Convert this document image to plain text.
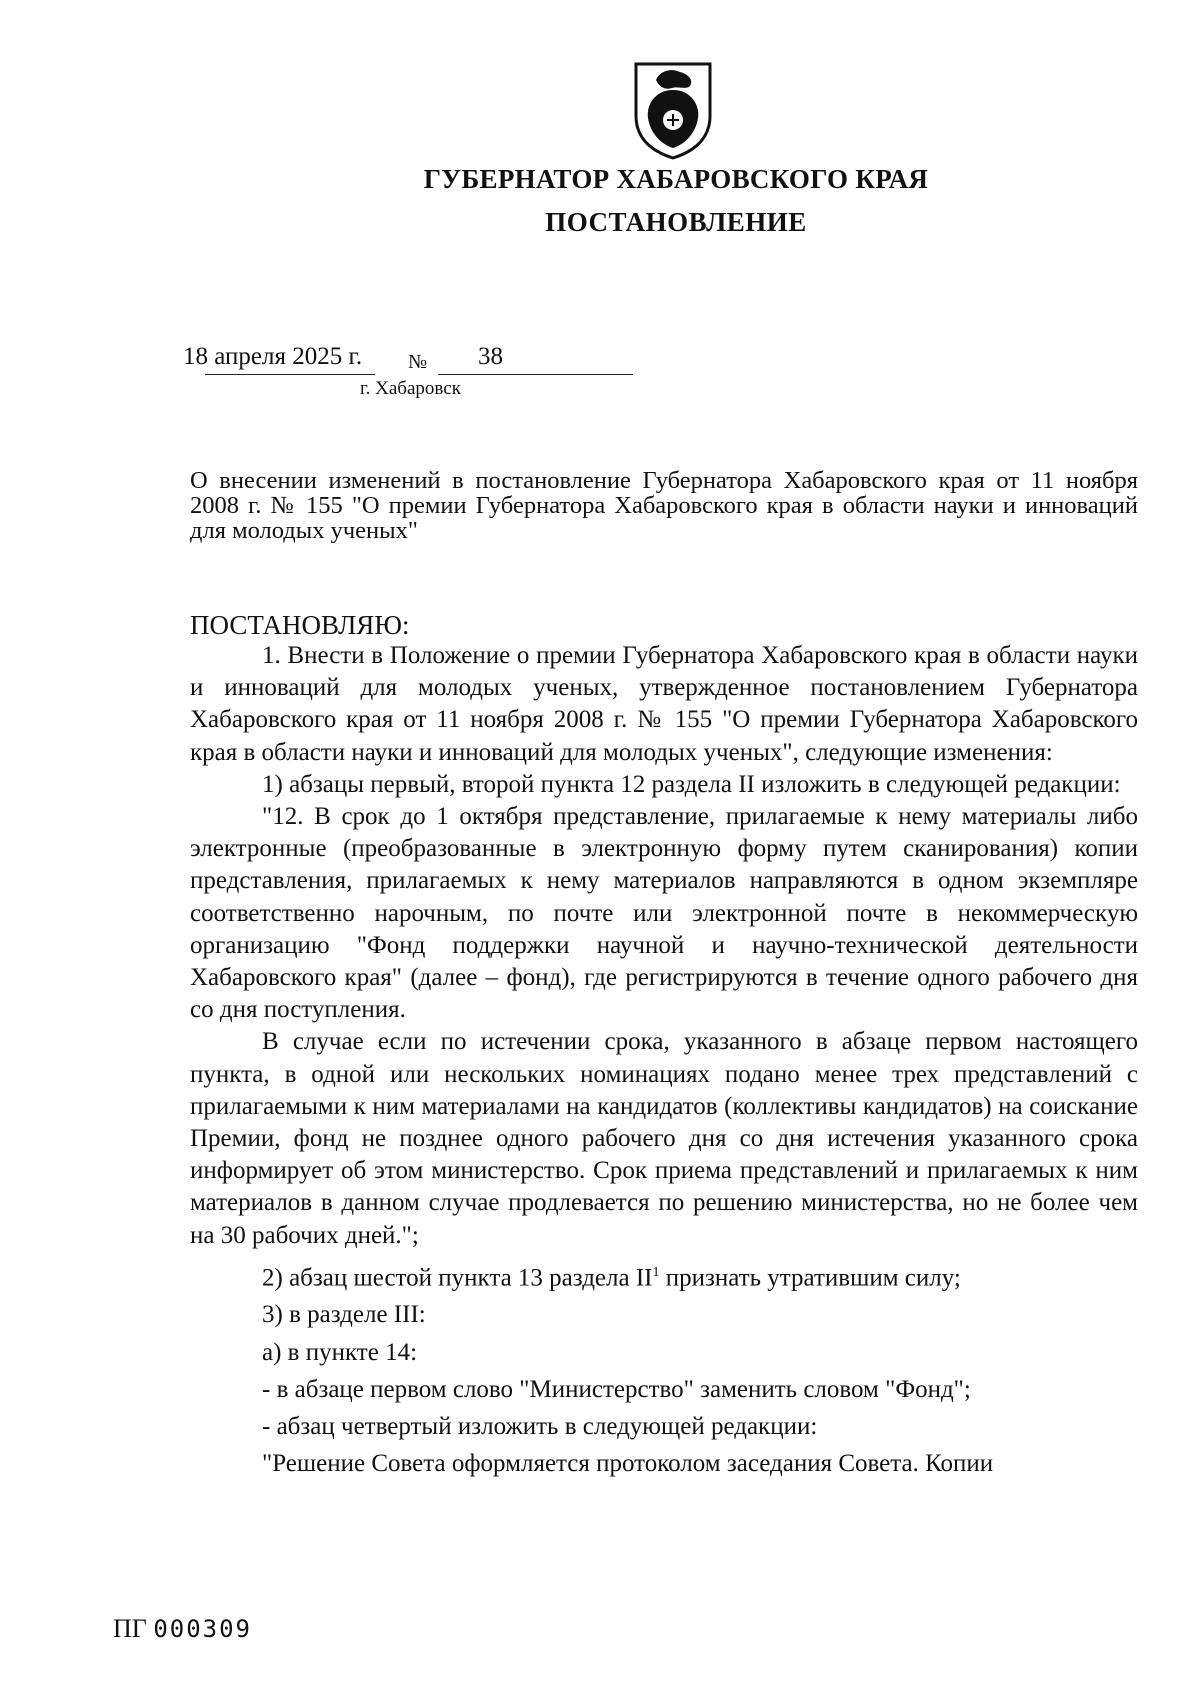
ГУБЕРНАТОР ХАБАРОВСКОГО КРАЯ
ПОСТАНОВЛЕНИЕ
18 апреля 2025 г. № 38
г. Хабаровск
О внесении изменений в постановление Губернатора Хабаровского края от 11 ноября 2008 г. № 155 "О премии Губернатора Хабаровского края в области науки и инноваций для молодых ученых"
ПОСТАНОВЛЯЮ:

1. Внести в Положение о премии Губернатора Хабаровского края в области науки и инноваций для молодых ученых, утвержденное постановлением Губернатора Хабаровского края от 11 ноября 2008 г. № 155 "О премии Губернатора Хабаровского края в области науки и инноваций для молодых ученых", следующие изменения:

1) абзацы первый, второй пункта 12 раздела II изложить в следующей редакции:

"12. В срок до 1 октября представление, прилагаемые к нему материалы либо электронные (преобразованные в электронную форму путем сканирования) копии представления, прилагаемых к нему материалов направляются в одном экземпляре соответственно нарочным, по почте или электронной почте в некоммерческую организацию "Фонд поддержки научной и научно-технической деятельности Хабаровского края" (далее – фонд), где регистрируются в течение одного рабочего дня со дня поступления.

В случае если по истечении срока, указанного в абзаце первом настоящего пункта, в одной или нескольких номинациях подано менее трех представлений с прилагаемыми к ним материалами на кандидатов (коллективы кандидатов) на соискание Премии, фонд не позднее одного рабочего дня со дня истечения указанного срока информирует об этом министерство. Срок приема представлений и прилагаемых к ним материалов в данном случае продлевается по решению министерства, но не более чем на 30 рабочих дней.";

2) абзац шестой пункта 13 раздела $II^1$ признать утратившим силу;

3) в разделе III:

а) в пункте 14:

- в абзаце первом слово "Министерство" заменить словом "Фонд";

- абзац четвертый изложить в следующей редакции:

"Решение Совета оформляется протоколом заседания Совета. Копии

ПГ 000309
